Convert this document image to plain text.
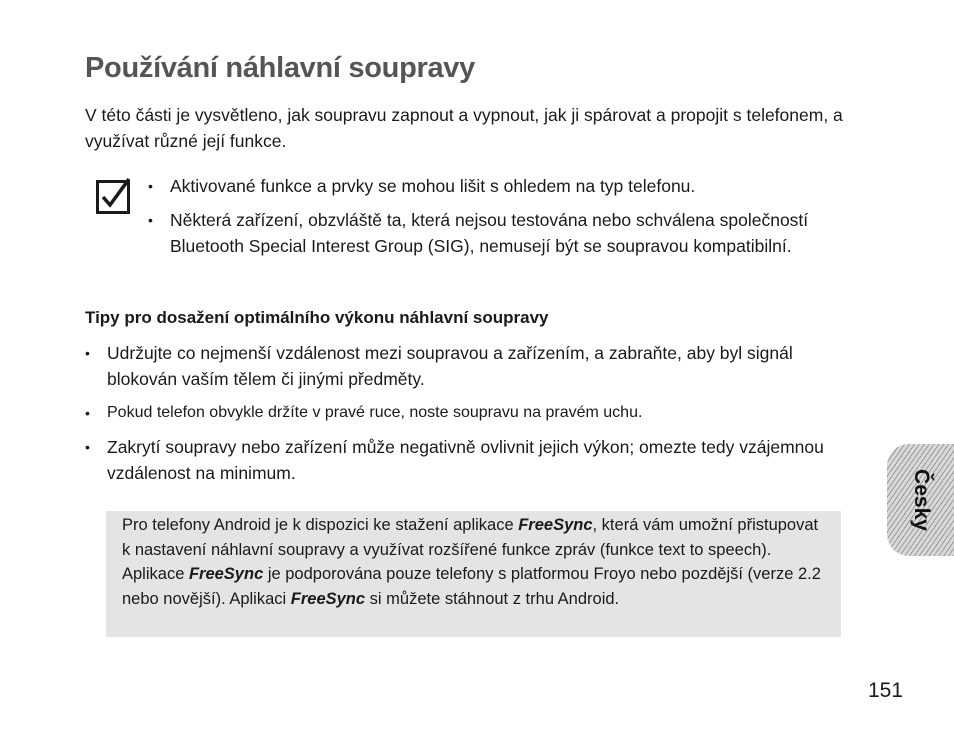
Používání náhlavní soupravy

V této části je vysvětleno, jak soupravu zapnout a vypnout, jak ji spárovat a propojit s telefonem, a využívat různé její funkce.

• Aktivované funkce a prvky se mohou lišit s ohledem na typ telefonu.
• Některá zařízení, obzvláště ta, která nejsou testována nebo schválena společností Bluetooth Special Interest Group (SIG), nemusejí být se soupravou kompatibilní.
Tipy pro dosažení optimálního výkonu náhlavní soupravy
• Udržujte co nejmenší vzdálenost mezi soupravou a zařízením, a zabraňte, aby byl signál blokován vaším tělem či jinými předměty.
• Pokud telefon obvykle držíte v pravé ruce, noste soupravu na pravém uchu.
• Zakrytí soupravy nebo zařízení může negativně ovlivnit jejich výkon; omezte tedy vzájemnou vzdálenost na minimum.
Pro telefony Android je k dispozici ke stažení aplikace FreeSync, která vám umožní přistupovat k nastavení náhlavní soupravy a využívat rozšířené funkce zpráv (funkce text to speech). Aplikace FreeSync je podporována pouze telefony s platformou Froyo nebo pozdější (verze 2.2 nebo novější). Aplikaci FreeSync si můžete stáhnout z trhu Android.
Česky
151
